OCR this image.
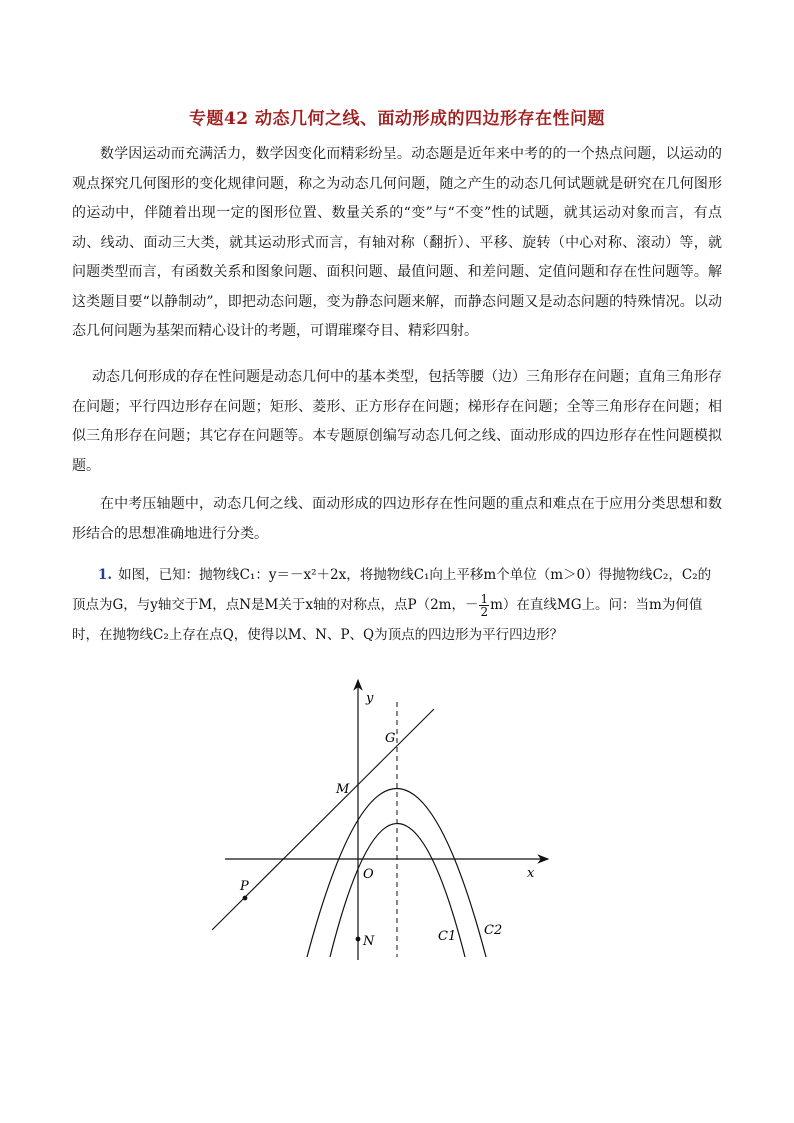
专题42 动态几何之线、面动形成的四边形存在性问题
数学因运动而充满活力，数学因变化而精彩纷呈。动态题是近年来中考的的一个热点问题，以运动的观点探究几何图形的变化规律问题，称之为动态几何问题，随之产生的动态几何试题就是研究在几何图形的运动中，伴随着出现一定的图形位置、数量关系的“变”与“不变”性的试题，就其运动对象而言，有点动、线动、面动三大类，就其运动形式而言，有轴对称（翻折）、平移、旋转（中心对称、滚动）等，就问题类型而言，有函数关系和图象问题、面积问题、最值问题、和差问题、定值问题和存在性问题等。解这类题目要“以静制动”，即把动态问题，变为静态问题来解，而静态问题又是动态问题的特殊情况。以动态几何问题为基架而精心设计的考题，可谓璀璨夺目、精彩四射。
动态几何形成的存在性问题是动态几何中的基本类型，包括等腰（边）三角形存在问题；直角三角形存在问题；平行四边形存在问题；矩形、菱形、正方形存在问题；梯形存在问题；全等三角形存在问题；相似三角形存在问题；其它存在问题等。本专题原创编写动态几何之线、面动形成的四边形存在性问题模拟题。
在中考压轴题中，动态几何之线、面动形成的四边形存在性问题的重点和难点在于应用分类思想和数形结合的思想准确地进行分类。
1. 如图，已知：抛物线C₁：y＝－x²＋2x，将抛物线C₁向上平移m个单位（m＞0）得抛物线C₂，C₂的顶点为G，与y轴交于M，点N是M关于x轴的对称点，点P（2m，－ $\frac{1}{2} m$）在直线MG上。问：当m为何值时，在抛物线C₂上存在点Q，使得以M、N、P、Q为顶点的四边形为平行四边形？
y
x
O
G
M
P
N	C1 C2
